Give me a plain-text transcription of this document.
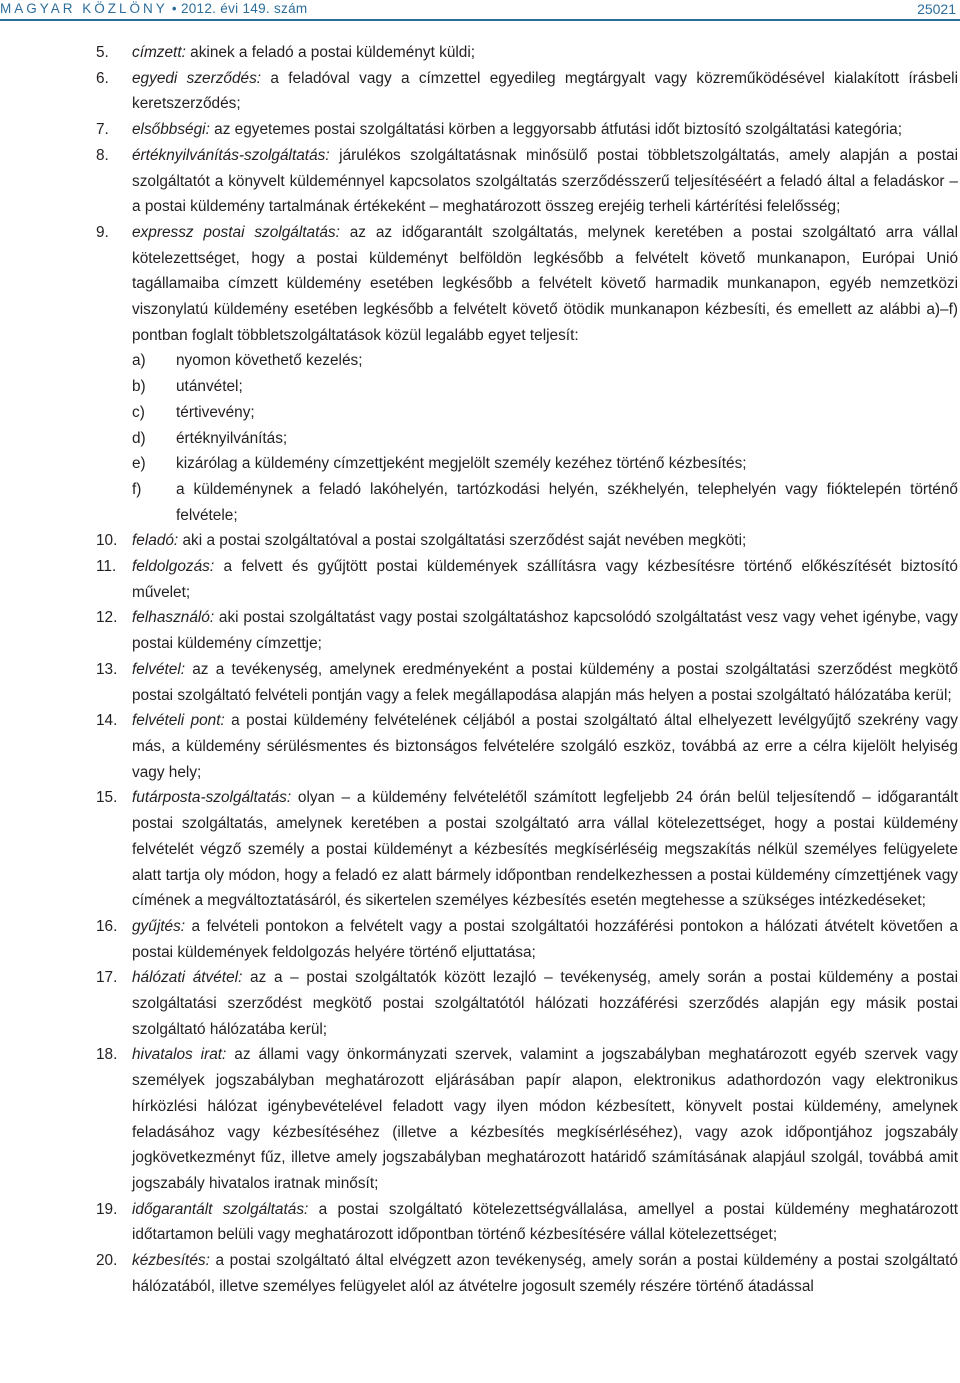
MAGYAR KÖZLÖNY • 2012. évi 149. szám	25021
5. címzett: akinek a feladó a postai küldeményt küldi;
6. egyedi szerződés: a feladóval vagy a címzettel egyedileg megtárgyalt vagy közreműködésével kialakított írásbeli keretszerződés;
7. elsőbbségi: az egyetemes postai szolgáltatási körben a leggyorsabb átfutási időt biztosító szolgáltatási kategória;
8. értéknyilvánítás-szolgáltatás: járulékos szolgáltatásnak minősülő postai többletszolgáltatás, amely alapján a postai szolgáltatót a könyvelt küldeménnyel kapcsolatos szolgáltatás szerződésszerű teljesítéséért a feladó által a feladáskor – a postai küldemény tartalmának értékeként – meghatározott összeg erejéig terheli kártérítési felelősség;
9. expressz postai szolgáltatás: az az időgarantált szolgáltatás, melynek keretében a postai szolgáltató arra vállal kötelezettséget, hogy a postai küldeményt belföldön legkésőbb a felvételt követő munkanapon, Európai Unió tagállamaiba címzett küldemény esetében legkésőbb a felvételt követő harmadik munkanapon, egyéb nemzetközi viszonylatú küldemény esetében legkésőbb a felvételt követő ötödik munkanapon kézbesíti, és emellett az alábbi a)–f) pontban foglalt többletszolgáltatások közül legalább egyet teljesít:
a) nyomon követhető kezelés;
b) utánvétel;
c) tértivevény;
d) értéknyilvánítás;
e) kizárólag a küldemény címzettjeként megjelölt személy kezéhez történő kézbesítés;
f) a küldeménynek a feladó lakóhelyén, tartózkodási helyén, székhelyén, telephelyén vagy fióktelepén történő felvétele;
10. feladó: aki a postai szolgáltatóval a postai szolgáltatási szerződést saját nevében megköti;
11. feldolgozás: a felvett és gyűjtött postai küldemények szállításra vagy kézbesítésre történő előkészítését biztosító művelet;
12. felhasználó: aki postai szolgáltatást vagy postai szolgáltatáshoz kapcsolódó szolgáltatást vesz vagy vehet igénybe, vagy postai küldemény címzettje;
13. felvétel: az a tevékenység, amelynek eredményeként a postai küldemény a postai szolgáltatási szerződést megkötő postai szolgáltató felvételi pontján vagy a felek megállapodása alapján más helyen a postai szolgáltató hálózatába kerül;
14. felvételi pont: a postai küldemény felvételének céljából a postai szolgáltató által elhelyezett levélgyűjtő szekrény vagy más, a küldemény sérülésmentes és biztonságos felvételére szolgáló eszköz, továbbá az erre a célra kijelölt helyiség vagy hely;
15. futárposta-szolgáltatás: olyan – a küldemény felvételétől számított legfeljebb 24 órán belül teljesítendő – időgarantált postai szolgáltatás, amelynek keretében a postai szolgáltató arra vállal kötelezettséget, hogy a postai küldemény felvételét végző személy a postai küldeményt a kézbesítés megkísérléséig megszakítás nélkül személyes felügyelete alatt tartja oly módon, hogy a feladó ez alatt bármely időpontban rendelkezhessen a postai küldemény címzettjének vagy címének a megváltoztatásáról, és sikertelen személyes kézbesítés esetén megtehesse a szükséges intézkedéseket;
16. gyűjtés: a felvételi pontokon a felvételt vagy a postai szolgáltatói hozzáférési pontokon a hálózati átvételt követően a postai küldemények feldolgozás helyére történő eljuttatása;
17. hálózati átvétel: az a – postai szolgáltatók között lezajló – tevékenység, amely során a postai küldemény a postai szolgáltatási szerződést megkötő postai szolgáltatótól hálózati hozzáférési szerződés alapján egy másik postai szolgáltató hálózatába kerül;
18. hivatalos irat: az állami vagy önkormányzati szervek, valamint a jogszabályban meghatározott egyéb szervek vagy személyek jogszabályban meghatározott eljárásában papír alapon, elektronikus adathordozón vagy elektronikus hírközlési hálózat igénybevételével feladott vagy ilyen módon kézbesített, könyvelt postai küldemény, amelynek feladásához vagy kézbesítéséhez (illetve a kézbesítés megkísérléséhez), vagy azok időpontjához jogszabály jogkövetkezményt fűz, illetve amely jogszabályban meghatározott határidő számításának alapjául szolgál, továbbá amit jogszabály hivatalos iratnak minősít;
19. időgarantált szolgáltatás: a postai szolgáltató kötelezettségvállalása, amellyel a postai küldemény meghatározott időtartamon belüli vagy meghatározott időpontban történő kézbesítésére vállal kötelezettséget;
20. kézbesítés: a postai szolgáltató által elvégzett azon tevékenység, amely során a postai küldemény a postai szolgáltató hálózatából, illetve személyes felügyelet alól az átvételre jogosult személy részére történő átadással
